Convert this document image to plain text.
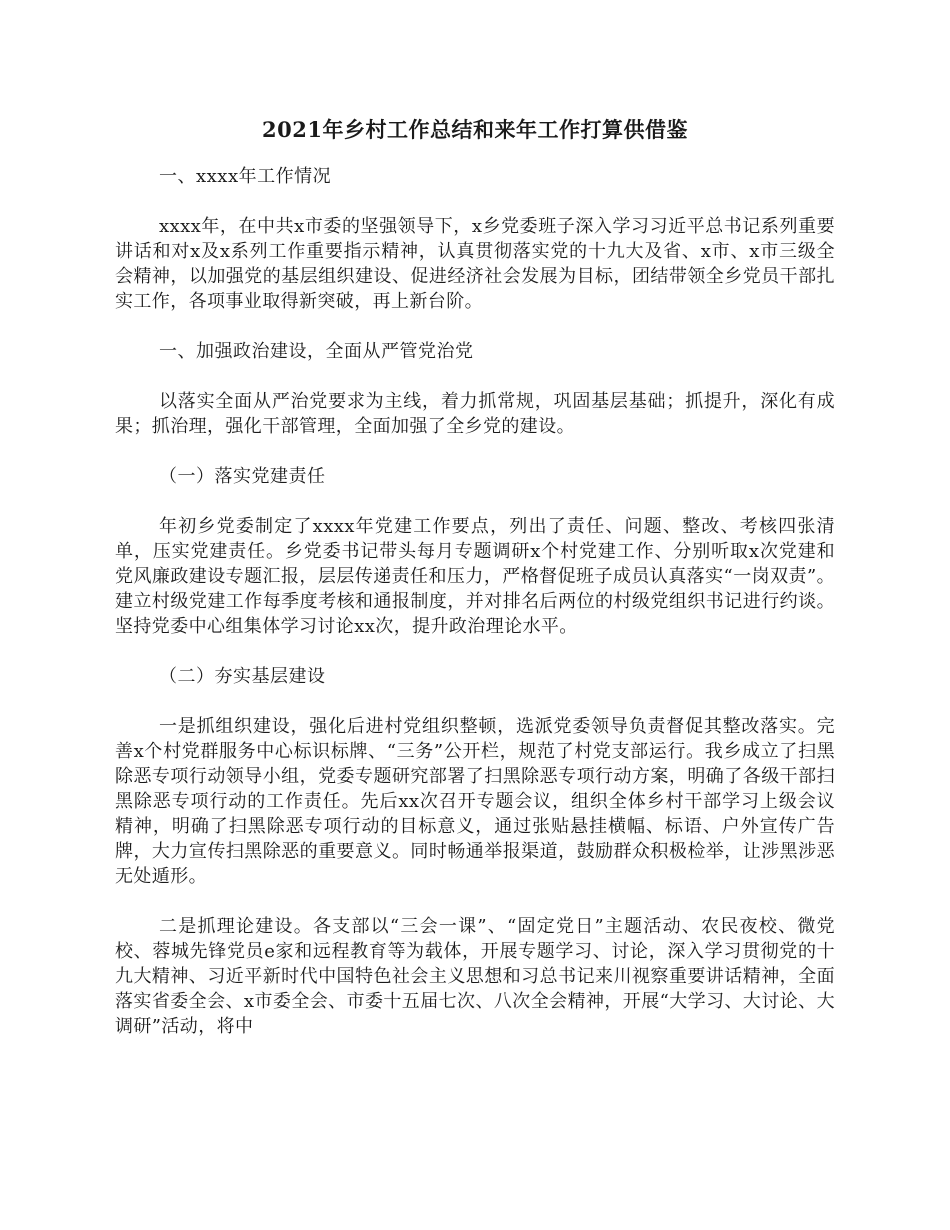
2021年乡村工作总结和来年工作打算供借鉴
一、xxxx年工作情况
xxxx年，在中共x市委的坚强领导下，x乡党委班子深入学习习近平总书记系列重要讲话和对x及x系列工作重要指示精神，认真贯彻落实党的十九大及省、x市、x市三级全会精神，以加强党的基层组织建设、促进经济社会发展为目标，团结带领全乡党员干部扎实工作，各项事业取得新突破，再上新台阶。
一、加强政治建设，全面从严管党治党
以落实全面从严治党要求为主线，着力抓常规，巩固基层基础；抓提升，深化有成果；抓治理，强化干部管理，全面加强了全乡党的建设。
（一）落实党建责任
年初乡党委制定了xxxx年党建工作要点，列出了责任、问题、整改、考核四张清单，压实党建责任。乡党委书记带头每月专题调研x个村党建工作、分别听取x次党建和党风廉政建设专题汇报，层层传递责任和压力，严格督促班子成员认真落实“一岗双责”。建立村级党建工作每季度考核和通报制度，并对排名后两位的村级党组织书记进行约谈。坚持党委中心组集体学习讨论xx次，提升政治理论水平。
（二）夯实基层建设
一是抓组织建设，强化后进村党组织整顿，选派党委领导负责督促其整改落实。完善x个村党群服务中心标识标牌、“三务”公开栏，规范了村党支部运行。我乡成立了扫黑除恶专项行动领导小组，党委专题研究部署了扫黑除恶专项行动方案，明确了各级干部扫黑除恶专项行动的工作责任。先后xx次召开专题会议，组织全体乡村干部学习上级会议精神，明确了扫黑除恶专项行动的目标意义，通过张贴悬挂横幅、标语、户外宣传广告牌，大力宣传扫黑除恶的重要意义。同时畅通举报渠道，鼓励群众积极检举，让涉黑涉恶无处遁形。
二是抓理论建设。各支部以“三会一课”、“固定党日”主题活动、农民夜校、微党校、蓉城先锋党员e家和远程教育等为载体，开展专题学习、讨论，深入学习贯彻党的十九大精神、习近平新时代中国特色社会主义思想和习总书记来川视察重要讲话精神，全面落实省委全会、x市委全会、市委十五届七次、八次全会精神，开展“大学习、大讨论、大调研”活动，将中
